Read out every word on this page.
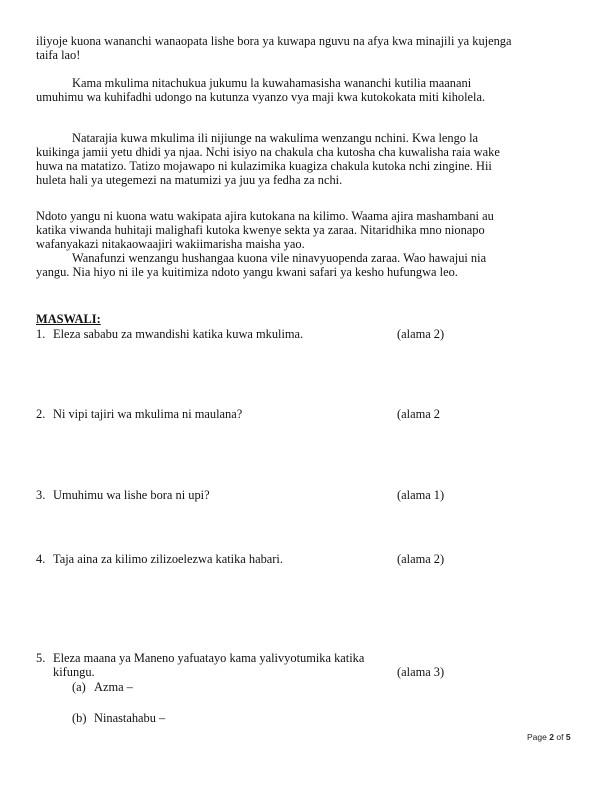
iliyoje kuona wananchi wanaopata lishe bora ya kuwapa nguvu na afya kwa minajili ya kujenga
taifa lao!
Kama mkulima nitachukua jukumu la kuwahamasisha wananchi kutilia maanani
umuhimu wa kuhifadhi udongo na kutunza vyanzo vya maji kwa kutokokata miti kiholela.
Natarajia kuwa mkulima ili nijiunge na wakulima wenzangu nchini. Kwa lengo la
kuikinga jamii yetu dhidi ya njaa. Nchi isiyo na chakula cha kutosha cha kuwalisha raia wake
huwa na matatizo. Tatizo mojawapo ni kulazimika kuagiza chakula kutoka nchi zingine. Hii
huleta hali ya utegemezi na matumizi ya juu ya fedha za nchi.
Ndoto yangu ni kuona watu wakipata ajira kutokana na kilimo. Waama ajira mashambani au
katika viwanda huhitaji malighafi kutoka kwenye sekta ya zaraa. Nitaridhika mno nionapo
wafanyakazi nitakaowaajiri wakiimarisha maisha yao.
Wanafunzi wenzangu hushangaa kuona vile ninavyuopenda zaraa. Wao hawajui nia
yangu. Nia hiyo ni ile ya kuitimiza ndoto yangu kwani safari ya kesho hufungwa leo.
MASWALI:
1. Eleza sababu za mwandishi katika kuwa mkulima.	(alama 2)
2. Ni vipi tajiri wa mkulima ni maulana?	(alama 2
3. Umuhimu wa lishe bora ni upi?	(alama 1)
4. Taja aina za kilimo zilizoelezwa katika habari.	(alama 2)
5. Eleza maana ya Maneno yafuatayo kama yalivyotumika katika
kifungu.	(alama 3)
(a) Azma –
(b) Ninastahabu –
Page 2 of 5
